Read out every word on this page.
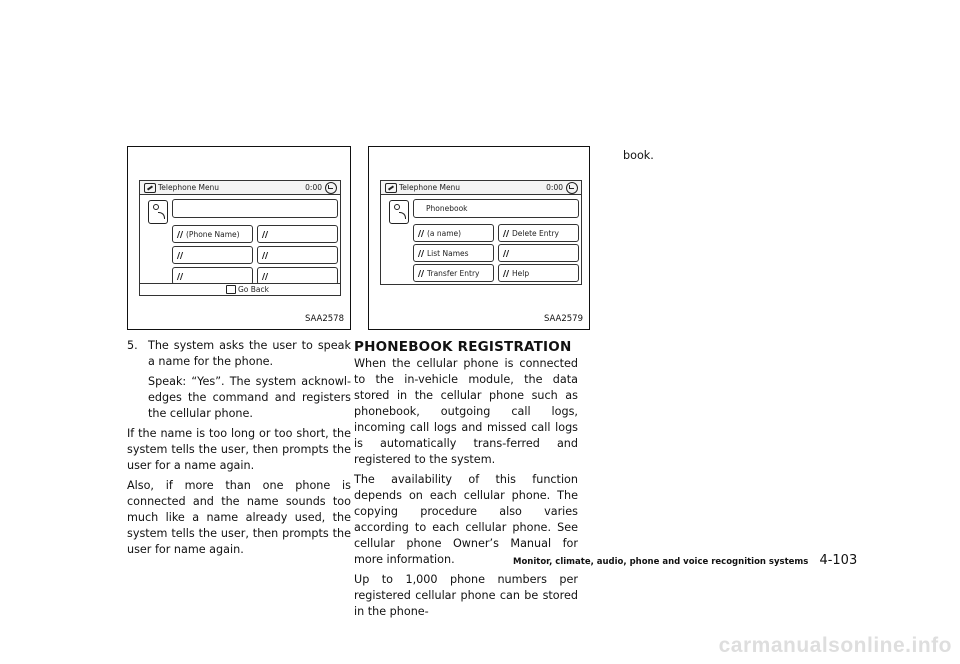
Telephone Menu	0:00
(Phone Name)
Go Back
SAA2578
Telephone Menu	0:00
Phonebook
(a name)	Delete Entry
List Names
Transfer Entry	Help
SAA2579

5. The system asks the user to speak a name for the phone.

Speak: “Yes”. The system acknowl-edges the command and registers the cellular phone.

If the name is too long or too short, the system tells the user, then prompts the user for a name again.

Also, if more than one phone is connected and the name sounds too much like a name already used, the system tells the user, then prompts the user for name again.

PHONEBOOK REGISTRATION

When the cellular phone is connected to the in-vehicle module, the data stored in the cellular phone such as phonebook, outgoing call logs, incoming call logs and missed call logs is automatically trans-ferred and registered to the system.

The availability of this function depends on each cellular phone. The copying procedure also varies according to each cellular phone. See cellular phone Owner’s Manual for more information.

Up to 1,000 phone numbers per registered cellular phone can be stored in the phone-

book.

Monitor, climate, audio, phone and voice recognition systems 4-103
carmanualsonline.info
